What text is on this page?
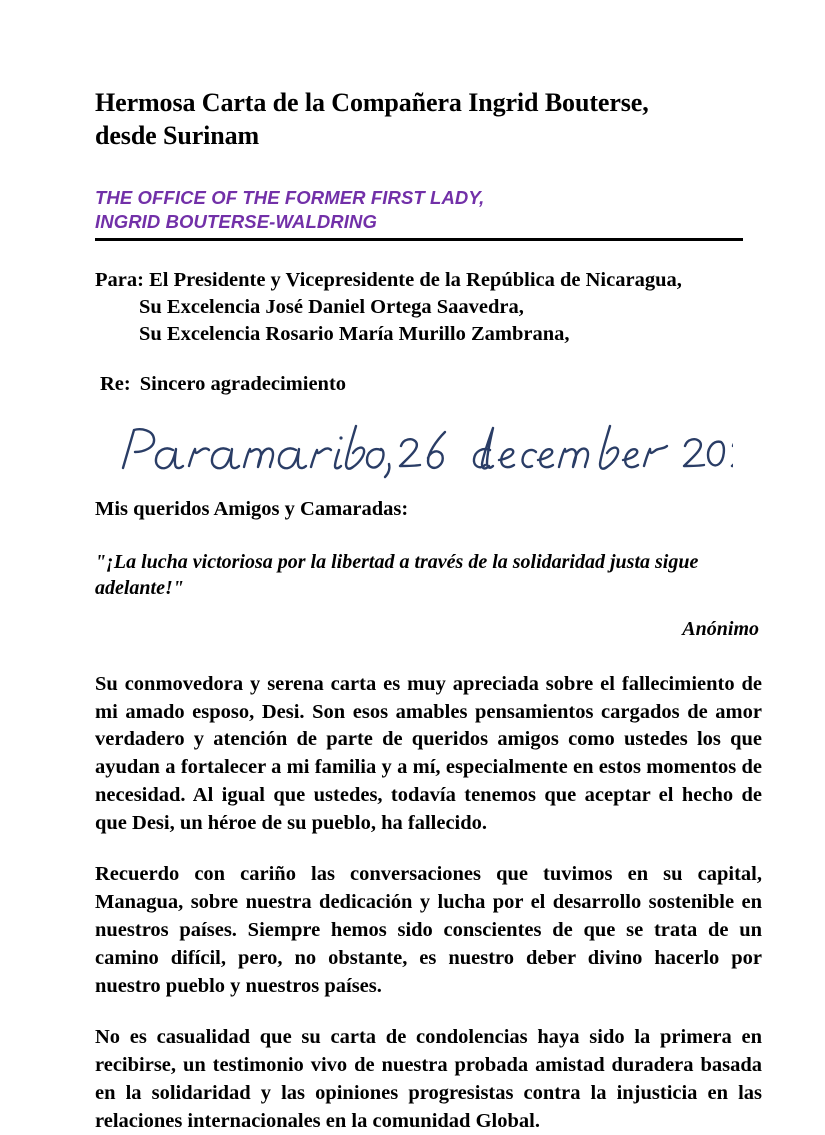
Hermosa Carta de la Compañera Ingrid Bouterse, desde Surinam
THE OFFICE OF THE FORMER FIRST LADY,
INGRID BOUTERSE-WALDRING
Para: El Presidente y Vicepresidente de la República de Nicaragua,
Su Excelencia José Daniel Ortega Saavedra,
Su Excelencia Rosario María Murillo Zambrana,
Re: Sincero agradecimiento
Mis queridos Amigos y Camaradas:
"¡La lucha victoriosa por la libertad a través de la solidaridad justa sigue adelante!"
Anónimo

Su conmovedora y serena carta es muy apreciada sobre el fallecimiento de mi amado esposo, Desi. Son esos amables pensamientos cargados de amor verdadero y atención de parte de queridos amigos como ustedes los que ayudan a fortalecer a mi familia y a mí, especialmente en estos momentos de necesidad. Al igual que ustedes, todavía tenemos que aceptar el hecho de que Desi, un héroe de su pueblo, ha fallecido.

Recuerdo con cariño las conversaciones que tuvimos en su capital, Managua, sobre nuestra dedicación y lucha por el desarrollo sostenible en nuestros países. Siempre hemos sido conscientes de que se trata de un camino difícil, pero, no obstante, es nuestro deber divino hacerlo por nuestro pueblo y nuestros países.

No es casualidad que su carta de condolencias haya sido la primera en recibirse, un testimonio vivo de nuestra probada amistad duradera basada en la solidaridad y las opiniones progresistas contra la injusticia en las relaciones internacionales en la comunidad Global.
